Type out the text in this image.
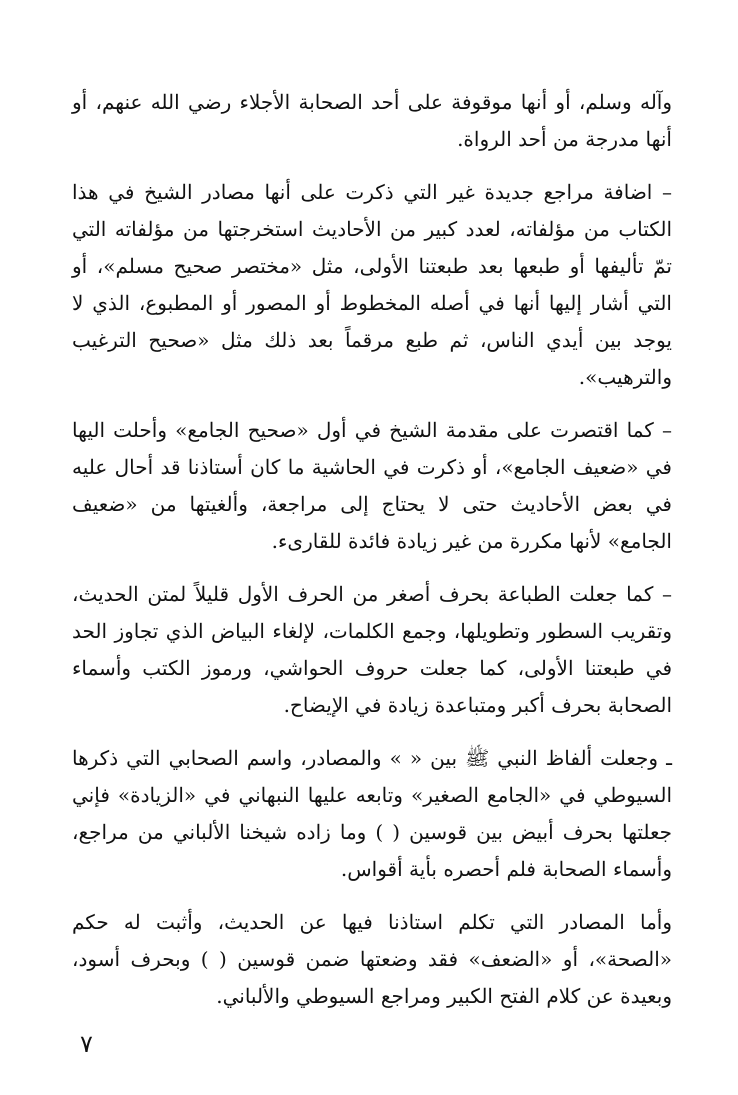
وآله وسلم، أو أنها موقوفة على أحد الصحابة الأجلاء رضي الله عنهم، أو أنها مدرجة من أحد الرواة.

– اضافة مراجع جديدة غير التي ذكرت على أنها مصادر الشيخ في هذا الكتاب من مؤلفاته، لعدد كبير من الأحاديث استخرجتها من مؤلفاته التي تمّ تأليفها أو طبعها بعد طبعتنا الأولى، مثل «مختصر صحيح مسلم»، أو التي أشار إليها أنها في أصله المخطوط أو المصور أو المطبوع، الذي لا يوجد بين أيدي الناس، ثم طبع مرقماً بعد ذلك مثل «صحيح الترغيب والترهيب».

– كما اقتصرت على مقدمة الشيخ في أول «صحيح الجامع» وأحلت اليها في «ضعيف الجامع»، أو ذكرت في الحاشية ما كان أستاذنا قد أحال عليه في بعض الأحاديث حتى لا يحتاج إلى مراجعة، وألغيتها من «ضعيف الجامع» لأنها مكررة من غير زيادة فائدة للقارىء.

– كما جعلت الطباعة بحرف أصغر من الحرف الأول قليلاً لمتن الحديث، وتقريب السطور وتطويلها، وجمع الكلمات، لإلغاء البياض الذي تجاوز الحد في طبعتنا الأولى، كما جعلت حروف الحواشي، ورموز الكتب وأسماء الصحابة بحرف أكبر ومتباعدة زيادة في الإيضاح.

ـ وجعلت ألفاظ النبي ﷺ بين « » والمصادر، واسم الصحابي التي ذكرها السيوطي في «الجامع الصغير» وتابعه عليها النبهاني في «الزيادة» فإني جعلتها بحرف أبيض بين قوسين ( ) وما زاده شيخنا الألباني من مراجع، وأسماء الصحابة فلم أحصره بأية أقواس.

وأما المصادر التي تكلم استاذنا فيها عن الحديث، وأثبت له حكم «الصحة»، أو «الضعف» فقد وضعتها ضمن قوسين ( ) وبحرف أسود، وبعيدة عن كلام الفتح الكبير ومراجع السيوطي والألباني.

٧
